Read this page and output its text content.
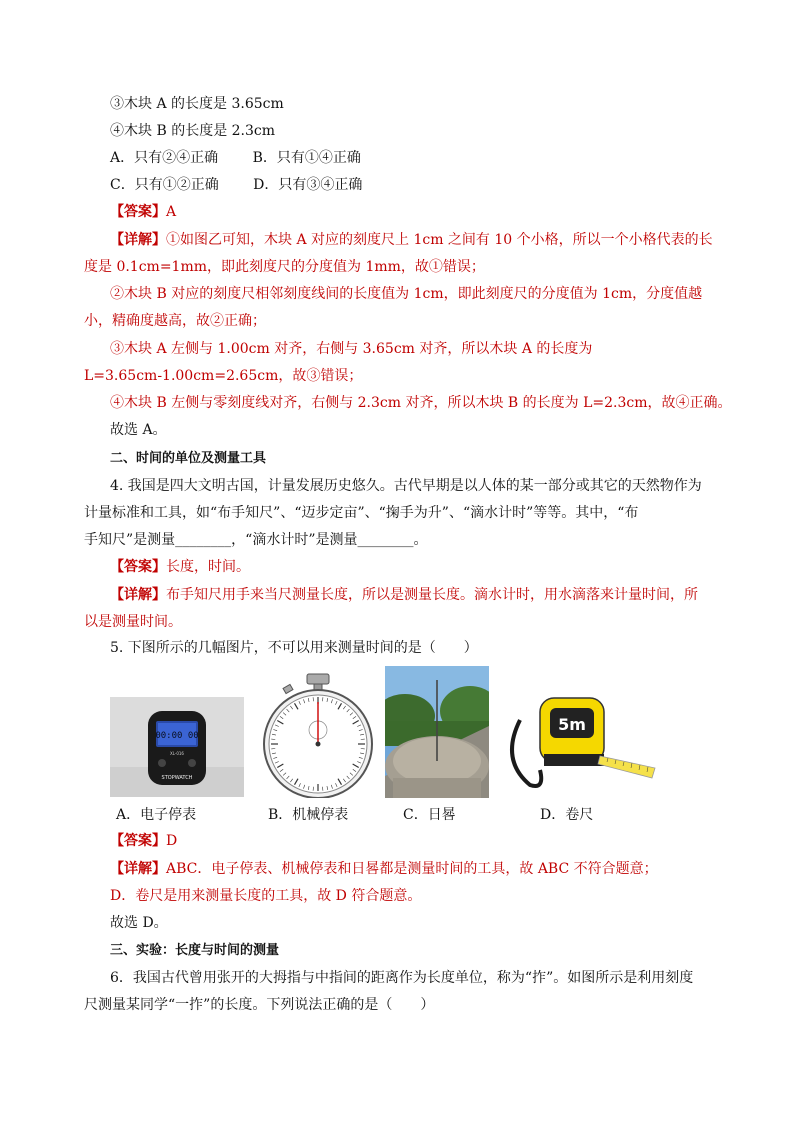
③木块 A 的长度是 3.65cm
④木块 B 的长度是 2.3cm
A．只有②④正确 B．只有①④正确
C．只有①②正确 D．只有③④正确
【答案】A
【详解】①如图乙可知，木块 A 对应的刻度尺上 1cm 之间有 10 个小格，所以一个小格代表的长
度是 0.1cm=1mm，即此刻度尺的分度值为 1mm，故①错误；
②木块 B 对应的刻度尺相邻刻度线间的长度值为 1cm，即此刻度尺的分度值为 1cm，分度值越
小，精确度越高，故②正确；
③木块 A 左侧与 1.00cm 对齐，右侧与 3.65cm 对齐，所以木块 A 的长度为
L=3.65cm-1.00cm=2.65cm，故③错误；
④木块 B 左侧与零刻度线对齐，右侧与 2.3cm 对齐，所以木块 B 的长度为 L=2.3cm，故④正确。
故选 A。
二、时间的单位及测量工具
4. 我国是四大文明古国，计量发展历史悠久。古代早期是以人体的某一部分或其它的天然物作为
计量标准和工具，如“布手知尺”、“迈步定亩”、“掬手为升”、“滴水计时”等等。其中，“布
手知尺”是测量________，“滴水计时”是测量________。
【答案】长度，时间。
【详解】布手知尺用手来当尺测量长度，所以是测量长度。滴水计时，用水滴落来计量时间，所
以是测量时间。
5. 下图所示的几幅图片，不可以用来测量时间的是（　　）
00:00 00
XL-016
STOPWATCH
5m
A．电子停表	B．机械停表	C．日晷	D．卷尺
【答案】D
【详解】ABC．电子停表、机械停表和日晷都是测量时间的工具，故 ABC 不符合题意；
D．卷尺是用来测量长度的工具，故 D 符合题意。
故选 D。
三、实验：长度与时间的测量
6．我国古代曾用张开的大拇指与中指间的距离作为长度单位，称为“拃”。如图所示是利用刻度
尺测量某同学“一拃”的长度。下列说法正确的是（　　）
